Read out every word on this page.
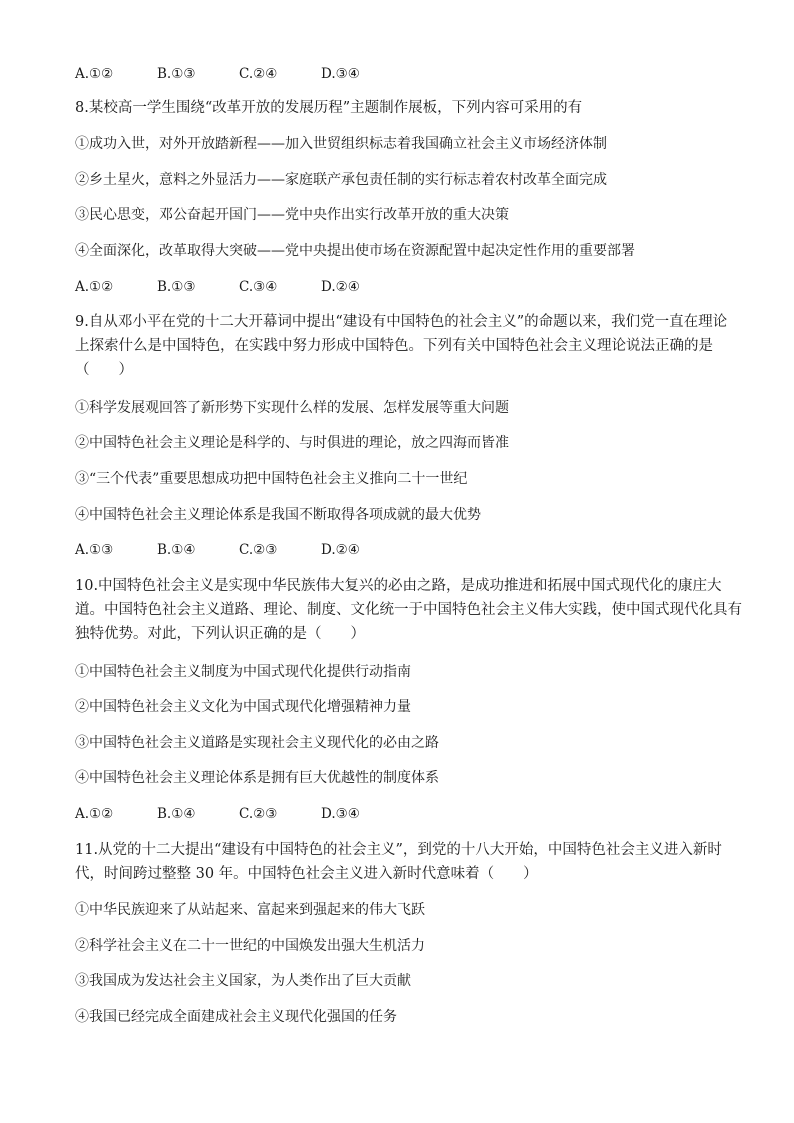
A.①②	B.①③	C.②④	D.③④
8.某校高一学生围绕“改革开放的发展历程”主题制作展板，下列内容可采用的有
①成功入世，对外开放踏新程——加入世贸组织标志着我国确立社会主义市场经济体制
②乡土星火，意料之外显活力——家庭联产承包责任制的实行标志着农村改革全面完成
③民心思变，邓公奋起开国门——党中央作出实行改革开放的重大决策
④全面深化，改革取得大突破——党中央提出使市场在资源配置中起决定性作用的重要部署
A.①②	B.①③	C.③④	D.②④
9.自从邓小平在党的十二大开幕词中提出“建设有中国特色的社会主义”的命题以来，我们党一直在理论
上探索什么是中国特色，在实践中努力形成中国特色。下列有关中国特色社会主义理论说法正确的是
（　　）
①科学发展观回答了新形势下实现什么样的发展、怎样发展等重大问题
②中国特色社会主义理论是科学的、与时俱进的理论，放之四海而皆准
③“三个代表”重要思想成功把中国特色社会主义推向二十一世纪
④中国特色社会主义理论体系是我国不断取得各项成就的最大优势
A.①③	B.①④	C.②③	D.②④
10.中国特色社会主义是实现中华民族伟大复兴的必由之路，是成功推进和拓展中国式现代化的康庄大
道。中国特色社会主义道路、理论、制度、文化统一于中国特色社会主义伟大实践，使中国式现代化具有
独特优势。对此，下列认识正确的是（　　）
①中国特色社会主义制度为中国式现代化提供行动指南
②中国特色社会主义文化为中国式现代化增强精神力量
③中国特色社会主义道路是实现社会主义现代化的必由之路
④中国特色社会主义理论体系是拥有巨大优越性的制度体系
A.①②	B.①④	C.②③	D.③④
11.从党的十二大提出“建设有中国特色的社会主义”，到党的十八大开始，中国特色社会主义进入新时
代，时间跨过整整 30 年。中国特色社会主义进入新时代意味着（　　）
①中华民族迎来了从站起来、富起来到强起来的伟大飞跃
②科学社会主义在二十一世纪的中国焕发出强大生机活力
③我国成为发达社会主义国家，为人类作出了巨大贡献
④我国已经完成全面建成社会主义现代化强国的任务
